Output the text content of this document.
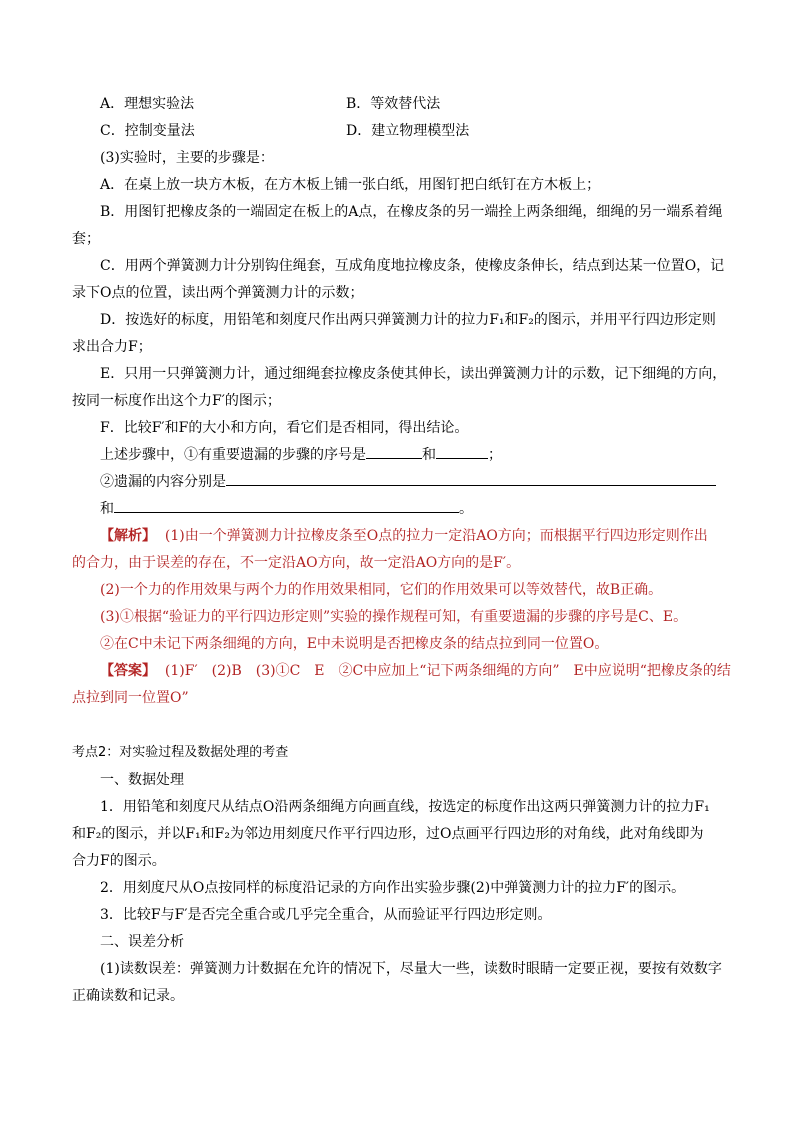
A．理想实验法	B．等效替代法
C．控制变量法	D．建立物理模型法
(3)实验时，主要的步骤是：
A．在桌上放一块方木板，在方木板上铺一张白纸，用图钉把白纸钉在方木板上；
B．用图钉把橡皮条的一端固定在板上的A点，在橡皮条的另一端拴上两条细绳，细绳的另一端系着绳
套；
C．用两个弹簧测力计分别钩住绳套，互成角度地拉橡皮条，使橡皮条伸长，结点到达某一位置O，记
录下O点的位置，读出两个弹簧测力计的示数；
D．按选好的标度，用铅笔和刻度尺作出两只弹簧测力计的拉力F₁和F₂的图示，并用平行四边形定则
求出合力F；
E．只用一只弹簧测力计，通过细绳套拉橡皮条使其伸长，读出弹簧测力计的示数，记下细绳的方向，
按同一标度作出这个力F′的图示；
F．比较F′和F的大小和方向，看它们是否相同，得出结论。
上述步骤中，①有重要遗漏的步骤的序号是	和	；
②遗漏的内容分别是
和	。
【解析】 (1)由一个弹簧测力计拉橡皮条至O点的拉力一定沿AO方向；而根据平行四边形定则作出
的合力，由于误差的存在，不一定沿AO方向，故一定沿AO方向的是F′。
(2)一个力的作用效果与两个力的作用效果相同，它们的作用效果可以等效替代，故B正确。
(3)①根据“验证力的平行四边形定则”实验的操作规程可知，有重要遗漏的步骤的序号是C、E。
②在C中未记下两条细绳的方向，E中未说明是否把橡皮条的结点拉到同一位置O。
【答案】 (1)F′　(2)B　(3)①C　E　②C中应加上“记下两条细绳的方向”　E中应说明“把橡皮条的结
点拉到同一位置O”
考点2：对实验过程及数据处理的考查
一、数据处理
1．用铅笔和刻度尺从结点O沿两条细绳方向画直线，按选定的标度作出这两只弹簧测力计的拉力F₁
和F₂的图示，并以F₁和F₂为邻边用刻度尺作平行四边形，过O点画平行四边形的对角线，此对角线即为
合力F的图示。
2．用刻度尺从O点按同样的标度沿记录的方向作出实验步骤(2)中弹簧测力计的拉力F′的图示。
3．比较F与F′是否完全重合或几乎完全重合，从而验证平行四边形定则。
二、误差分析
(1)读数误差：弹簧测力计数据在允许的情况下，尽量大一些，读数时眼睛一定要正视，要按有效数字
正确读数和记录。
